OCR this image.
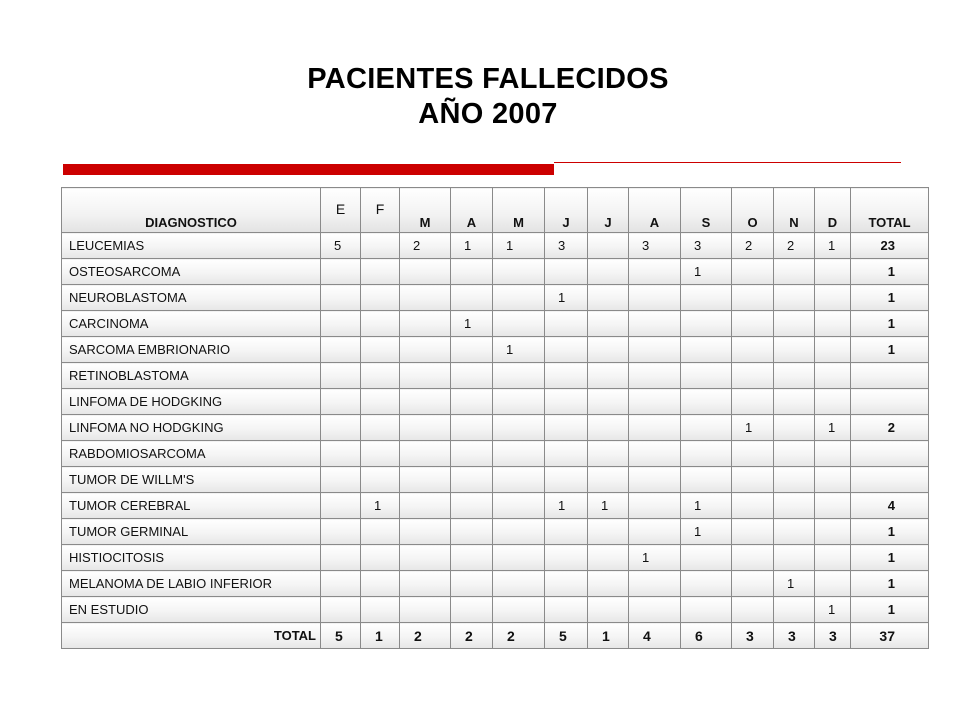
PACIENTES FALLECIDOS
AÑO 2007
DIAGNOSTICO	E	F	M	A	M	J	J	A	S	O	N	D	TOTAL
LEUCEMIAS	5		2	1	1	3		3	3	2	2	1	23
OSTEOSARCOMA									1				1
NEUROBLASTOMA						1							1
CARCINOMA				1									1
SARCOMA EMBRIONARIO					1								1
RETINOBLASTOMA													
LINFOMA DE HODGKING													
LINFOMA NO HODGKING										1		1	2
RABDOMIOSARCOMA													
TUMOR DE WILLM'S													
TUMOR CEREBRAL		1				1	1		1				4
TUMOR GERMINAL									1				1
HISTIOCITOSIS								1					1
MELANOMA DE LABIO INFERIOR											1		1
EN ESTUDIO												1	1
TOTAL	5	1	2	2	2	5	1	4	6	3	3	3	37
